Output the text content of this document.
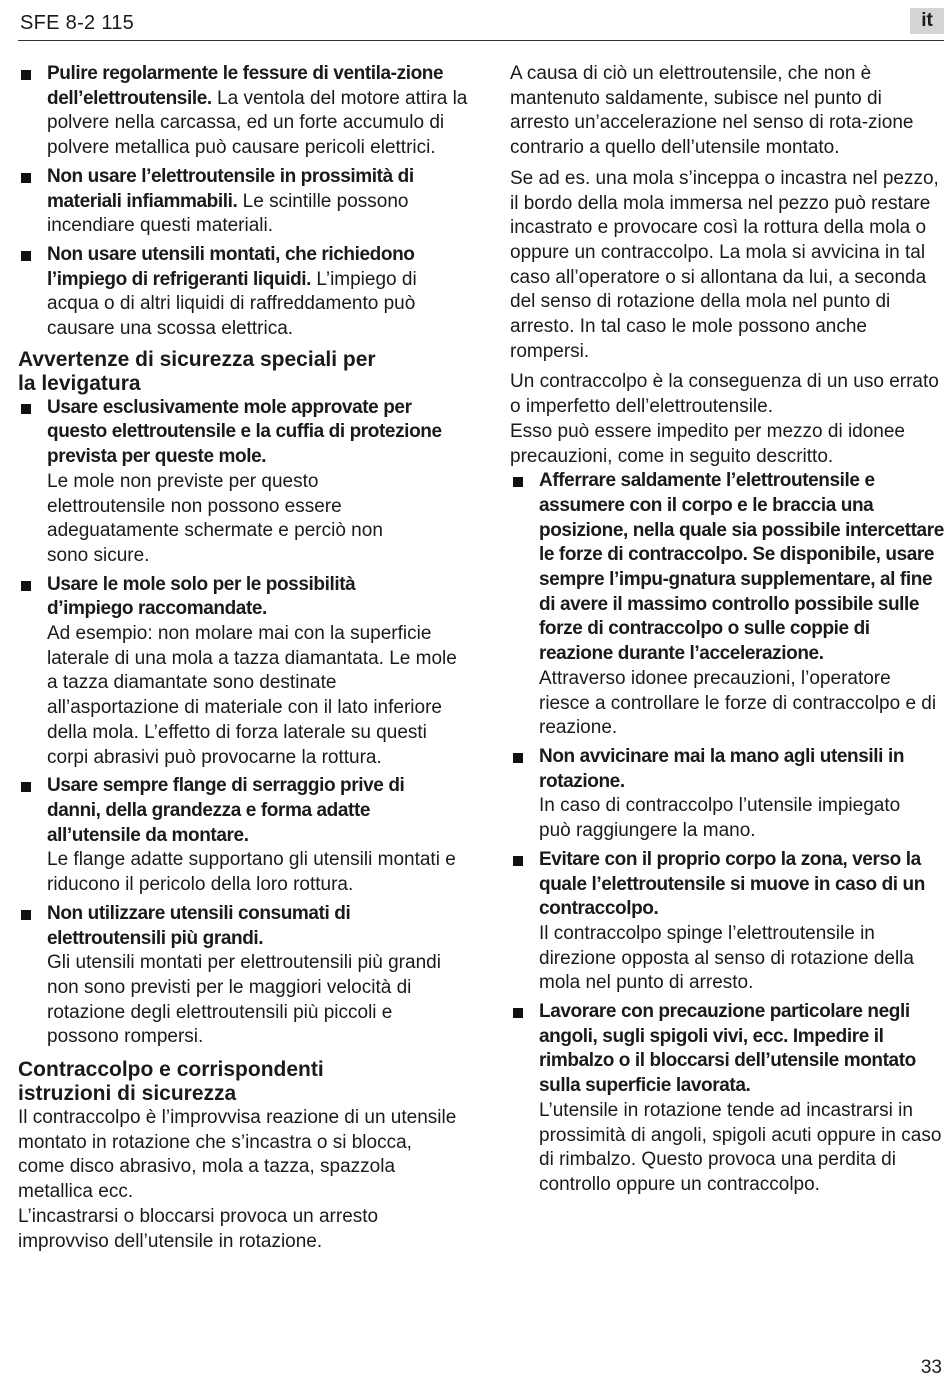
SFE 8-2 115	it
Pulire regolarmente le fessure di ventila-zione dell’elettroutensile. La ventola del motore attira la polvere nella carcassa, ed un forte accumulo di polvere metallica può causare pericoli elettrici.
Non usare l’elettroutensile in prossimità di materiali infiammabili. Le scintille possono incendiare questi materiali.
Non usare utensili montati, che richiedono l’impiego di refrigeranti liquidi. L’impiego di acqua o di altri liquidi di raffreddamento può causare una scossa elettrica.
Avvertenze di sicurezza speciali per la levigatura
Usare esclusivamente mole approvate per questo elettroutensile e la cuffia di protezione prevista per queste mole.
Le mole non previste per questo elettroutensile non possono essere adeguatamente schermate e perciò non sono sicure.
Usare le mole solo per le possibilità d’impiego raccomandate.
Ad esempio: non molare mai con la superficie laterale di una mola a tazza diamantata. Le mole a tazza diamantate sono destinate all’asportazione di materiale con il lato inferiore della mola. L’effetto di forza laterale su questi corpi abrasivi può provocarne la rottura.
Usare sempre flange di serraggio prive di danni, della grandezza e forma adatte all’utensile da montare.
Le flange adatte supportano gli utensili montati e riducono il pericolo della loro rottura.
Non utilizzare utensili consumati di elettroutensili più grandi.
Gli utensili montati per elettroutensili più grandi non sono previsti per le maggiori velocità di rotazione degli elettroutensili più piccoli e possono rompersi.
Contraccolpo e corrispondenti istruzioni di sicurezza

Il contraccolpo è l’improvvisa reazione di un utensile montato in rotazione che s’incastra o si blocca, come disco abrasivo, mola a tazza, spazzola metallica ecc.

L’incastrarsi o bloccarsi provoca un arresto improvviso dell’utensile in rotazione.

A causa di ciò un elettroutensile, che non è mantenuto saldamente, subisce nel punto di arresto un’accelerazione nel senso di rota-zione contrario a quello dell’utensile montato.

Se ad es. una mola s’inceppa o incastra nel pezzo, il bordo della mola immersa nel pezzo può restare incastrato e provocare così la rottura della mola o oppure un contraccolpo. La mola si avvicina in tal caso all’operatore o si allontana da lui, a seconda del senso di rotazione della mola nel punto di arresto. In tal caso le mole possono anche rompersi.

Un contraccolpo è la conseguenza di un uso errato o imperfetto dell’elettroutensile.

Esso può essere impedito per mezzo di idonee precauzioni, come in seguito descritto.

Afferrare saldamente l’elettroutensile e assumere con il corpo e le braccia una posizione, nella quale sia possibile intercettare le forze di contraccolpo. Se disponibile, usare sempre l’impu-gnatura supplementare, al fine di avere il massimo controllo possibile sulle forze di contraccolpo o sulle coppie di reazione durante l’accelerazione.
Attraverso idonee precauzioni, l’operatore riesce a controllare le forze di contraccolpo e di reazione.
Non avvicinare mai la mano agli utensili in rotazione.
In caso di contraccolpo l’utensile impiegato può raggiungere la mano.
Evitare con il proprio corpo la zona, verso la quale l’elettroutensile si muove in caso di un contraccolpo.
Il contraccolpo spinge l’elettroutensile in direzione opposta al senso di rotazione della mola nel punto di arresto.
Lavorare con precauzione particolare negli angoli, sugli spigoli vivi, ecc. Impedire il rimbalzo o il bloccarsi dell’utensile montato sulla superficie lavorata.
L’utensile in rotazione tende ad incastrarsi in prossimità di angoli, spigoli acuti oppure in caso di rimbalzo. Questo provoca una perdita di controllo oppure un contraccolpo.
33
